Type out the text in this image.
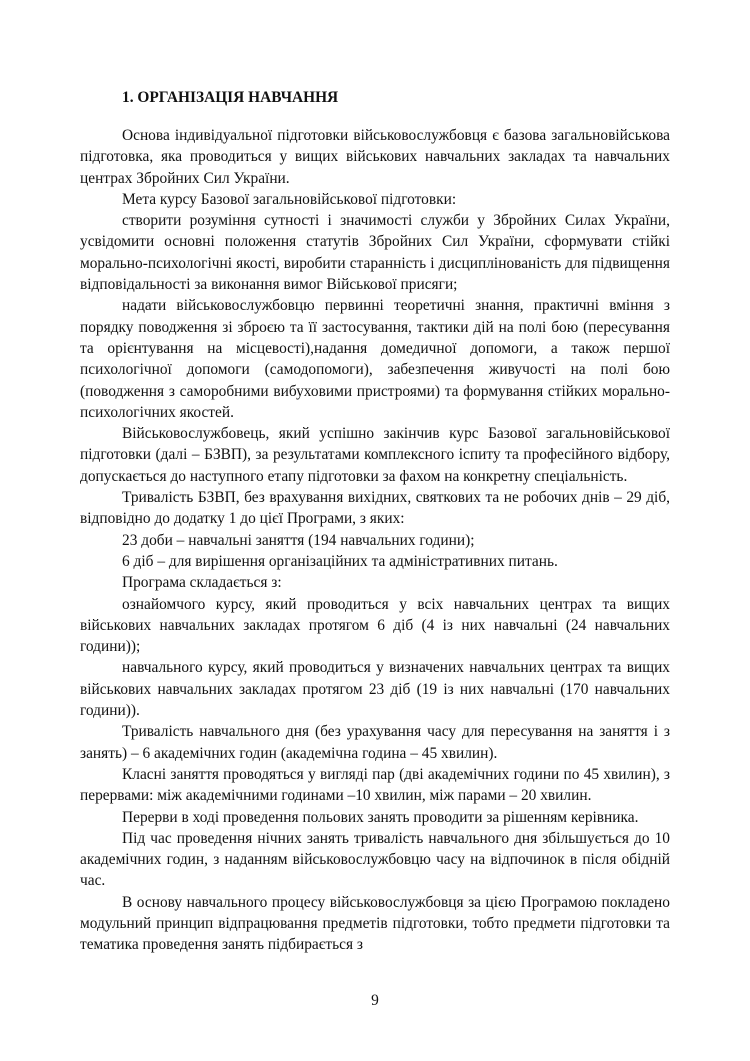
1. ОРГАНІЗАЦІЯ НАВЧАННЯ

Основа індивідуальної підготовки військовослужбовця є базова загальновійськова підготовка, яка проводиться у вищих військових навчальних закладах та навчальних центрах Збройних Сил України.

Мета курсу Базової загальновійськової підготовки:

створити розуміння сутності і значимості служби у Збройних Силах України, усвідомити основні положення статутів Збройних Сил України, сформувати стійкі морально-психологічні якості, виробити старанність і дисциплінованість для підвищення відповідальності за виконання вимог Військової присяги;

надати військовослужбовцю первинні теоретичні знання, практичні вміння з порядку поводження зі зброєю та її застосування, тактики дій на полі бою (пересування та орієнтування на місцевості),надання домедичної допомоги, а також першої психологічної допомоги (самодопомоги), забезпечення живучості на полі бою (поводження з саморобними вибуховими пристроями) та формування стійких морально-психологічних якостей.

Військовослужбовець, який успішно закінчив курс Базової загальновійськової підготовки (далі – БЗВП), за результатами комплексного іспиту та професійного відбору, допускається до наступного етапу підготовки за фахом на конкретну спеціальність.

Тривалість БЗВП, без врахування вихідних, святкових та не робочих днів – 29 діб, відповідно до додатку 1 до цієї Програми, з яких:

23 доби – навчальні заняття (194 навчальних години);

6 діб – для вирішення організаційних та адміністративних питань.

Програма складається з:

ознайомчого курсу, який проводиться у всіх навчальних центрах та вищих військових навчальних закладах протягом 6 діб (4 із них навчальні (24 навчальних години));

навчального курсу, який проводиться у визначених навчальних центрах та вищих військових навчальних закладах протягом 23 діб (19 із них навчальні (170 навчальних години)).

Тривалість навчального дня (без урахування часу для пересування на заняття і з занять) – 6 академічних годин (академічна година – 45 хвилин).

Класні заняття проводяться у вигляді пар (дві академічних години по 45 хвилин), з перервами: між академічними годинами –10 хвилин, між парами – 20 хвилин.

Перерви в ході проведення польових занять проводити за рішенням керівника.

Під час проведення нічних занять тривалість навчального дня збільшується до 10 академічних годин, з наданням військовослужбовцю часу на відпочинок в після обідній час.

В основу навчального процесу військовослужбовця за цією Програмою покладено модульний принцип відпрацювання предметів підготовки, тобто предмети підготовки та тематика проведення занять підбирається з

9
